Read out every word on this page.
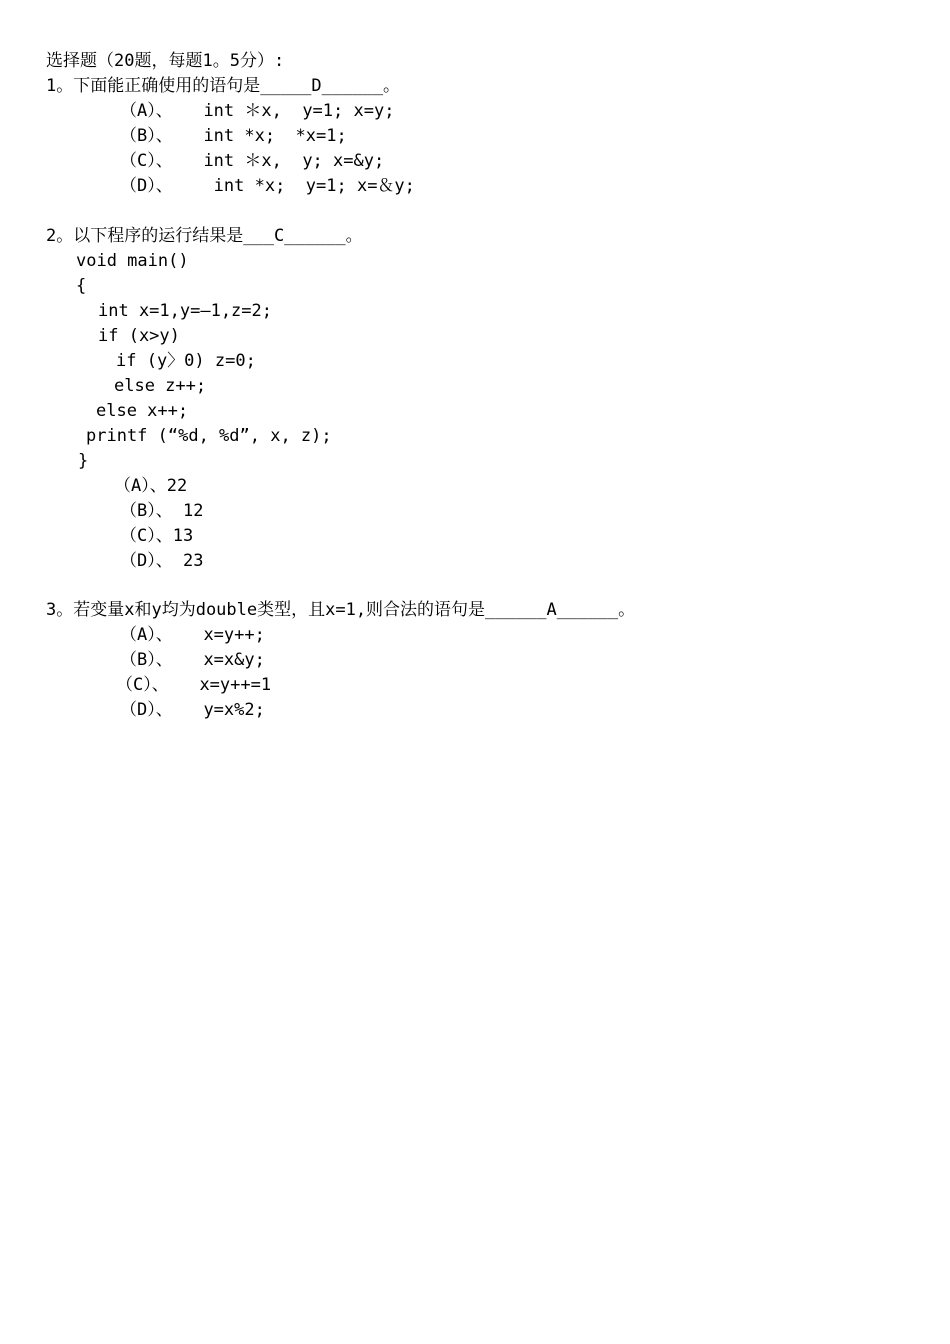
选择题（20题，每题1。5分）:

1。下面能正确使用的语句是_____D______。

（A）、   int ＊x,  y=1; x=y;

（B）、   int *x;  *x=1;

（C）、   int ＊x,  y; x=&y;

（D）、    int *x;  y=1; x=＆y;

2。以下程序的运行结果是___C______。

void main()

{

int x=1,y=—1,z=2;

if (x>y)

if (y〉0) z=0;

else z++;

else x++;

printf (“%d, %d”, x, z);

}

（A）、22

（B）、 12

（C）、13

（D）、 23

3。若变量x和y均为double类型，且x=1,则合法的语句是______A______。

（A）、   x=y++;

（B）、   x=x&y;

（C）、   x=y++=1

（D）、   y=x%2;
